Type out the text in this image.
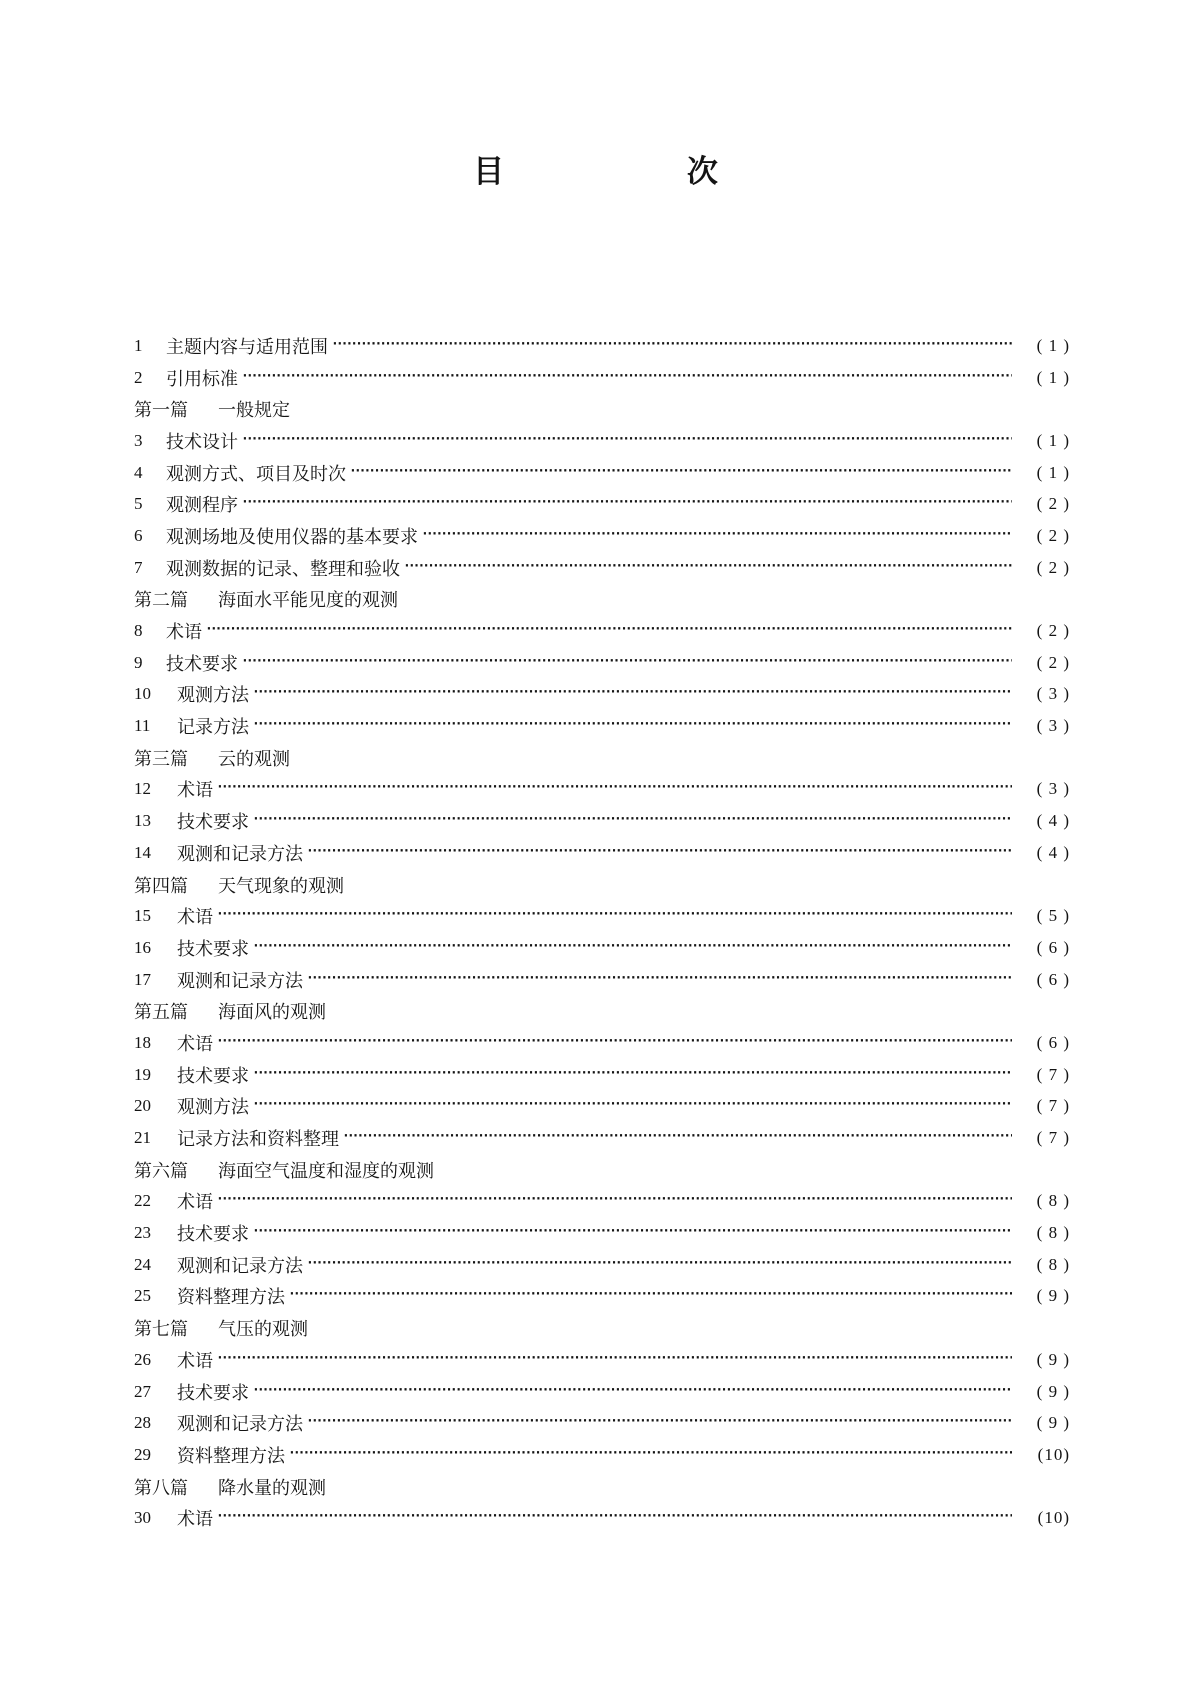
目 次
1	主题内容与适用范围 ·····	( 1 )
2	引用标准 ·····	( 1 )
第一篇	一般规定
3	技术设计 ·····	( 1 )
4	观测方式、项目及时次 ·····	( 1 )
5	观测程序 ·····	( 2 )
6	观测场地及使用仪器的基本要求 ·····	( 2 )
7	观测数据的记录、整理和验收 ·····	( 2 )
第二篇	海面水平能见度的观测
8	术语 ·····	( 2 )
9	技术要求 ·····	( 2 )
10	观测方法 ·····	( 3 )
11	记录方法 ·····	( 3 )
第三篇	云的观测
12	术语 ·····	( 3 )
13	技术要求 ·····	( 4 )
14	观测和记录方法 ·····	( 4 )
第四篇	天气现象的观测
15	术语 ·····	( 5 )
16	技术要求 ·····	( 6 )
17	观测和记录方法 ·····	( 6 )
第五篇	海面风的观测
18	术语 ·····	( 6 )
19	技术要求 ·····	( 7 )
20	观测方法 ·····	( 7 )
21	记录方法和资料整理 ·····	( 7 )
第六篇	海面空气温度和湿度的观测
22	术语 ·····	( 8 )
23	技术要求 ·····	( 8 )
24	观测和记录方法 ·····	( 8 )
25	资料整理方法 ·····	( 9 )
第七篇	气压的观测
26	术语 ·····	( 9 )
27	技术要求 ·····	( 9 )
28	观测和记录方法 ·····	( 9 )
29	资料整理方法 ·····	(10)
第八篇	降水量的观测
30	术语 ·····	(10)
